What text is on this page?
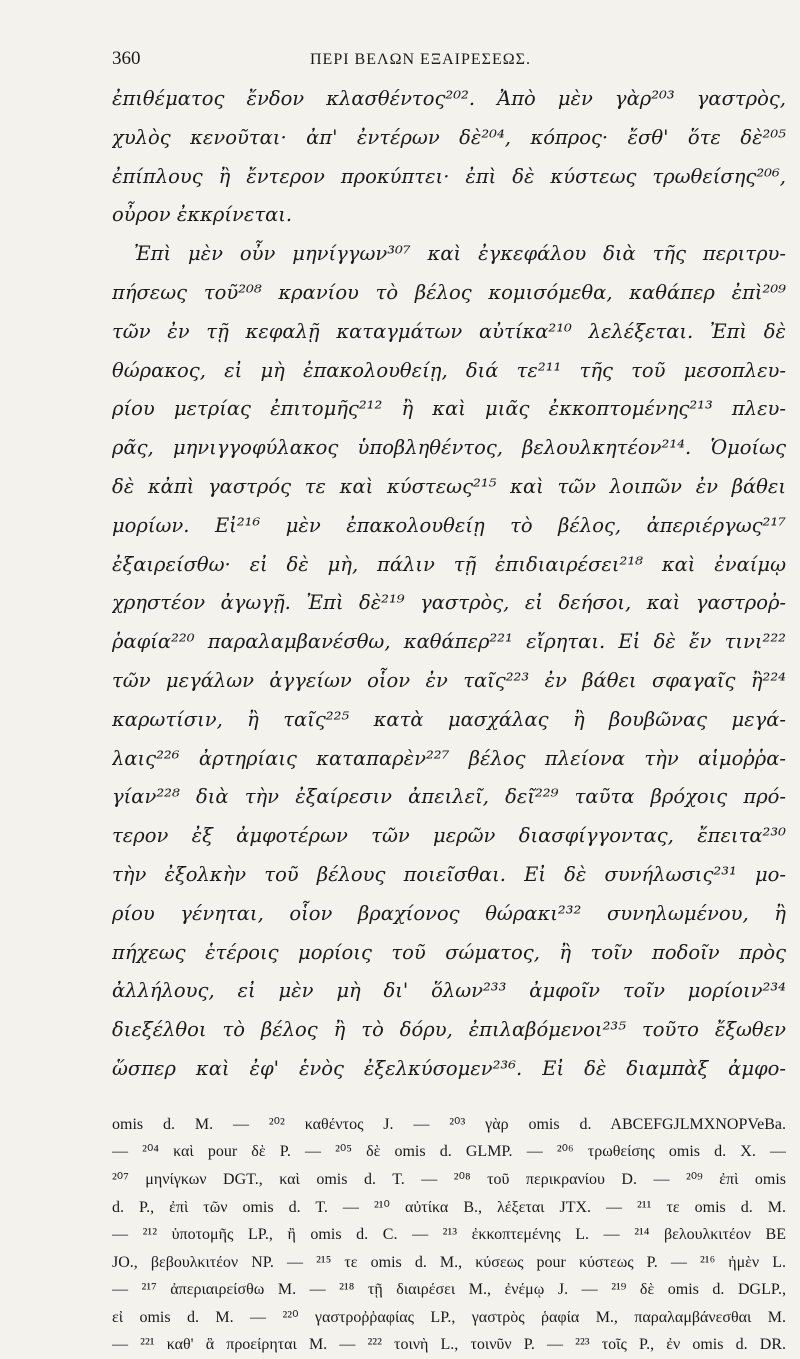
360	ΠΕΡΙ ΒΕΛΩΝ ΕΞΑΙΡΕΣΕΩΣ.
ἐπιθέματος ἔνδον κλασθέντος²⁰². Ἀπὸ μὲν γὰρ²⁰³ γαστρὸς,
χυλὸς κενοῦται· ἀπ' ἐντέρων δὲ²⁰⁴, κόπρος· ἔσθ' ὅτε δὲ²⁰⁵
ἐπίπλους ἢ ἔντερον προκύπτει· ἐπὶ δὲ κύστεως τρωθείσης²⁰⁶,
οὖρον ἐκκρίνεται.
Ἐπὶ μὲν οὖν μηνίγγων³⁰⁷ καὶ ἐγκεφάλου διὰ τῆς περιτρυ-
πήσεως τοῦ²⁰⁸ κρανίου τὸ βέλος κομισόμεθα, καθάπερ ἐπὶ²⁰⁹
τῶν ἐν τῇ κεφαλῇ καταγμάτων αὐτίκα²¹⁰ λελέξεται. Ἐπὶ δὲ
θώρακος, εἰ μὴ ἐπακολουθείῃ, διά τε²¹¹ τῆς τοῦ μεσοπλευ-
ρίου μετρίας ἐπιτομῆς²¹² ἢ καὶ μιᾶς ἐκκοπτομένης²¹³ πλευ-
ρᾶς, μηνιγγοφύλακος ὑποβληθέντος, βελουλκητέον²¹⁴. Ὁμοίως
δὲ κἀπὶ γαστρός τε καὶ κύστεως²¹⁵ καὶ τῶν λοιπῶν ἐν βάθει
μορίων. Εἰ²¹⁶ μὲν ἐπακολουθείῃ τὸ βέλος, ἀπεριέργως²¹⁷
ἐξαιρείσθω· εἰ δὲ μὴ, πάλιν τῇ ἐπιδιαιρέσει²¹⁸ καὶ ἐναίμῳ
χρηστέον ἀγωγῇ. Ἐπὶ δὲ²¹⁹ γαστρὸς, εἰ δεήσοι, καὶ γαστροῤ-
ῥαφία²²⁰ παραλαμβανέσθω, καθάπερ²²¹ εἴρηται. Εἰ δὲ ἔν τινι²²²
τῶν μεγάλων ἀγγείων οἷον ἐν ταῖς²²³ ἐν βάθει σφαγαῖς ἢ²²⁴
καρωτίσιν, ἢ ταῖς²²⁵ κατὰ μασχάλας ἢ βουβῶνας μεγά-
λαις²²⁶ ἀρτηρίαις καταπαρὲν²²⁷ βέλος πλείονα τὴν αἱμοῤῥα-
γίαν²²⁸ διὰ τὴν ἐξαίρεσιν ἀπειλεῖ, δεῖ²²⁹ ταῦτα βρόχοις πρό-
τερον ἐξ ἀμφοτέρων τῶν μερῶν διασφίγγοντας, ἔπειτα²³⁰
τὴν ἐξολκὴν τοῦ βέλους ποιεῖσθαι. Εἰ δὲ συνήλωσις²³¹ μο-
ρίου γένηται, οἷον βραχίονος θώρακι²³² συνηλωμένου, ἢ
πήχεως ἑτέροις μορίοις τοῦ σώματος, ἢ τοῖν ποδοῖν πρὸς
ἀλλήλους, εἰ μὲν μὴ δι' ὅλων²³³ ἀμφοῖν τοῖν μορίοιν²³⁴
διεξέλθοι τὸ βέλος ἢ τὸ δόρυ, ἐπιλαβόμενοι²³⁵ τοῦτο ἔξωθεν
ὥσπερ καὶ ἐφ' ἑνὸς ἐξελκύσομεν²³⁶. Εἰ δὲ διαμπὰξ ἀμφο-
omis d. M. — ²⁰² καθέντος J. — ²⁰³ γὰρ omis d. ABCEFGJLMXNOPVeBa.
— ²⁰⁴ καὶ pour δὲ P. — ²⁰⁵ δὲ omis d. GLMP. — ²⁰⁶ τρωθείσης omis d. X. —
²⁰⁷ μηνίγκων DGT., καὶ omis d. T. — ²⁰⁸ τοῦ περικρανίου D. — ²⁰⁹ ἐπὶ omis
d. P., ἐπὶ τῶν omis d. T. — ²¹⁰ αὐτίκα B., λέξεται JTX. — ²¹¹ τε omis d. M.
— ²¹² ὑποτομῆς LP., ἢ omis d. C. — ²¹³ ἐκκοπτεμένης L. — ²¹⁴ βελουλκιτέον BE
JO., βεβουλκιτέον NP. — ²¹⁵ τε omis d. M., κύσεως pour κύστεως P. — ²¹⁶ ἠμὲν L.
— ²¹⁷ ἀπεριαιρείσθω M. — ²¹⁸ τῇ διαιρέσει M., ἐνέμῳ J. — ²¹⁹ δὲ omis d. DGLP.,
εἰ omis d. M. — ²²⁰ γαστροῤῥαφίας LP., γαστρὸς ῥαφία M., παραλαμβάνεσθαι M.
— ²²¹ καθ' ἃ προείρηται M. — ²²² τοινὴ L., τοινῦν P. — ²²³ τοῖς P., ἐν omis d. DR.
